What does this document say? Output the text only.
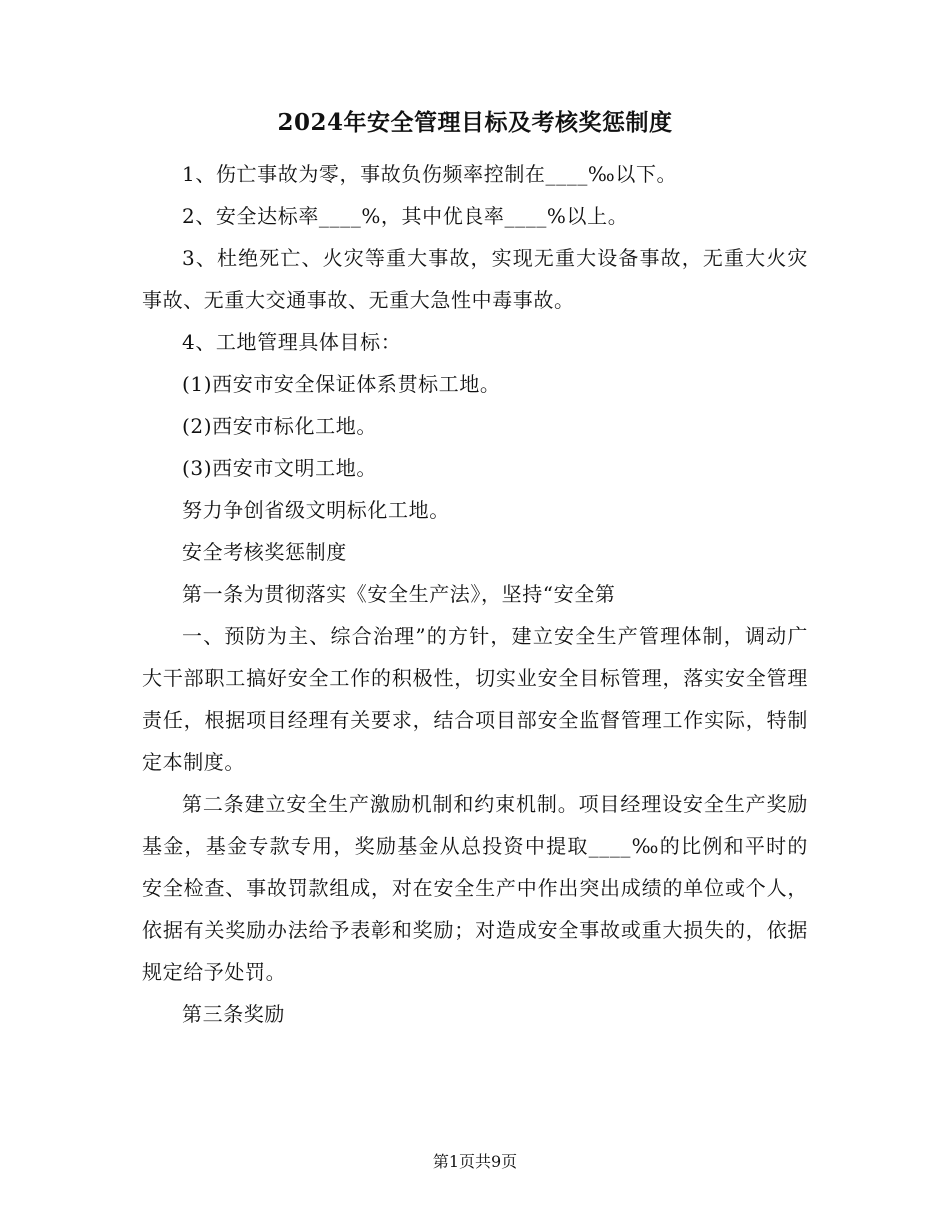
2024年安全管理目标及考核奖惩制度

1、伤亡事故为零，事故负伤频率控制在____‰以下。

2、安全达标率____%，其中优良率____%以上。

3、杜绝死亡、火灾等重大事故，实现无重大设备事故，无重大火灾事故、无重大交通事故、无重大急性中毒事故。

4、工地管理具体目标：

(1)西安市安全保证体系贯标工地。

(2)西安市标化工地。

(3)西安市文明工地。

努力争创省级文明标化工地。

安全考核奖惩制度

第一条为贯彻落实《安全生产法》，坚持“安全第

一、预防为主、综合治理”的方针，建立安全生产管理体制，调动广大干部职工搞好安全工作的积极性，切实业安全目标管理，落实安全管理责任，根据项目经理有关要求，结合项目部安全监督管理工作实际，特制定本制度。

第二条建立安全生产激励机制和约束机制。项目经理设安全生产奖励基金，基金专款专用，奖励基金从总投资中提取____‰的比例和平时的安全检查、事故罚款组成，对在安全生产中作出突出成绩的单位或个人，依据有关奖励办法给予表彰和奖励；对造成安全事故或重大损失的，依据规定给予处罚。

第三条奖励

第1页共9页
